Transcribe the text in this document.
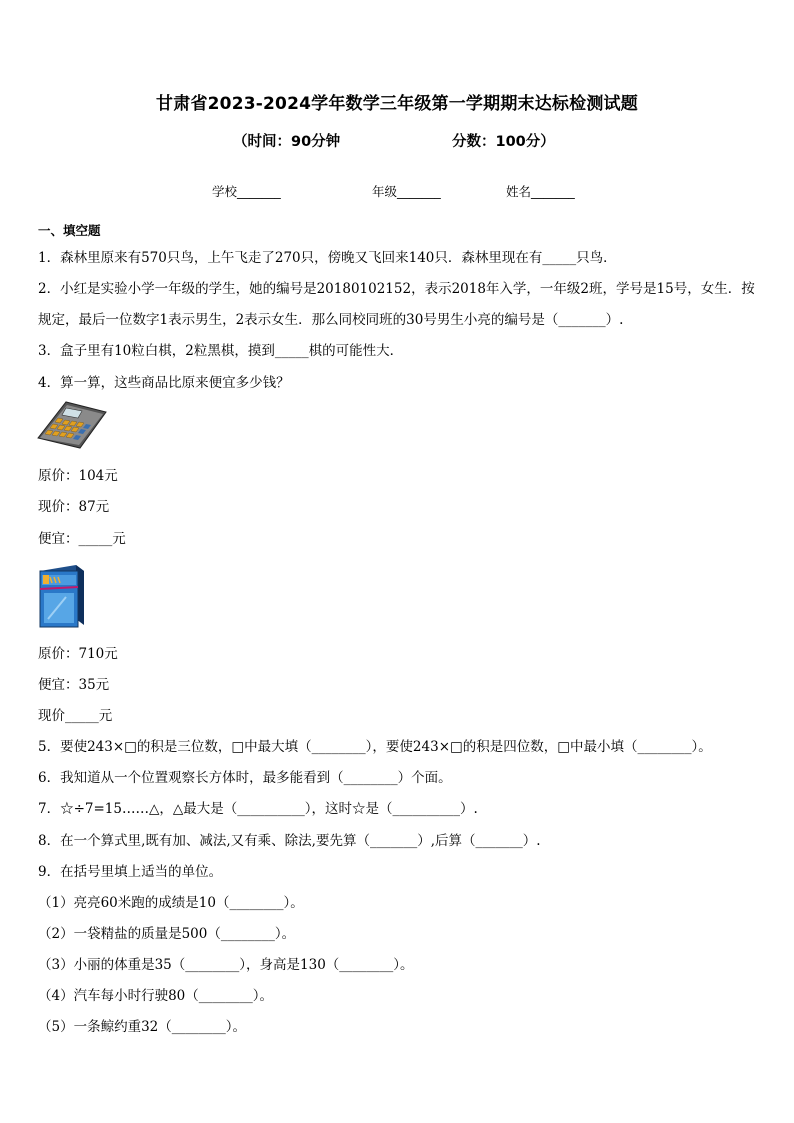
甘肃省2023-2024学年数学三年级第一学期期末达标检测试题
（时间：90分钟	分数：100分）
学校_______	年级_______	姓名_______
一、填空题
1．森林里原来有570只鸟，上午飞走了270只，傍晚又飞回来140只．森林里现在有_____只鸟．
2．小红是实验小学一年级的学生，她的编号是20180102152，表示2018年入学，一年级2班，学号是15号，女生．按
规定，最后一位数字1表示男生，2表示女生．那么同校同班的30号男生小亮的编号是（_______）.
3．盒子里有10粒白棋，2粒黑棋，摸到_____棋的可能性大．
4．算一算，这些商品比原来便宜多少钱？
原价：104元
现价：87元
便宜：_____元
原价：710元
便宜：35元
现价_____元
5．要使243×□的积是三位数，□中最大填（________），要使243×□的积是四位数，□中最小填（________）。
6．我知道从一个位置观察长方体时，最多能看到（________）个面。
7．☆÷7=15……△，△最大是（__________），这时☆是（__________）.
8．在一个算式里,既有加、减法,又有乘、除法,要先算（_______）,后算（_______）.
9．在括号里填上适当的单位。
（1）亮亮60米跑的成绩是10（________）。
（2）一袋精盐的质量是500（________）。
（3）小丽的体重是35（________），身高是130（________）。
（4）汽车每小时行驶80（________）。
（5）一条鲸约重32（________）。
